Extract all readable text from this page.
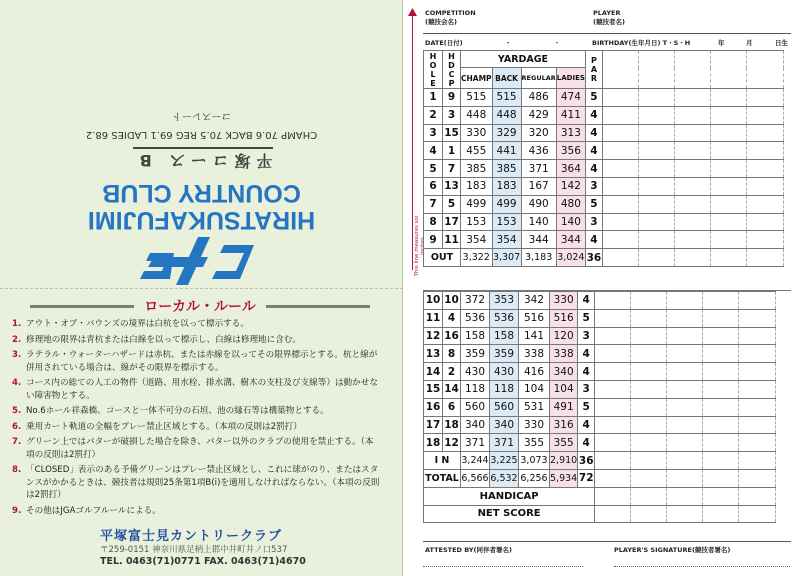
HIRATSUKAFUJIMI
COUNTRY CLUB
平塚コース B
CHAMP 70.6 BACK 70.5 REG 69.1 LADIES 68.2
コースレート
ローカル・ルール
1. アウト・オブ・バウンズの境界は白杭を以って標示する。
2. 修理地の限界は青杭または白線を以って標示し、白線は修理地に含む。
3. ラテラル・ウォーターハザードは赤杭、または赤線を以ってその限界標示とする。杭と線が併用されている場合は、線がその限界を標示する。
4. コース内の総ての人工の物件（道路、用水栓、排水溝、樹木の支柱及び支線等）は動かせない障害物とする。
5. No.6ホール祥森橋、コースと一体不可分の石垣、池の縁石等は構築物とする。
6. 乗用カート軌道の全幅をプレー禁止区域とする。（本項の反則は2罰打）
7. グリーン上ではパターが破損した場合を除き、パター以外のクラブの使用を禁止する。（本項の反則は2罰打）
8. 「CLOSED」表示のある予備グリーンはプレー禁止区域とし、これに球がのり、またはスタンスがかかるときは、競技者は規則25条第1項B(i)を適用しなければならない。（本項の反則は2罰打）
9. その他はJGAゴルフルールによる。
平塚富士見カントリークラブ
〒259-0151 神奈川県足柄上郡中井町井ノ口537
TEL. 0463(71)0771 FAX. 0463(71)4670
COMPETITION
(競技会名)
PLAYER
(競技者名)
DATE(日付)	・ ・ BIRTHDAY(生年月日) T・S・H	年	月	日生
This line measures six inches
HOLE	HDCP	YARDAGE				PAR					
		CHAMP	BACK	REGULAR	LADIES						
1	9	515	515	486	474	5					
2	3	448	448	429	411	4					
3	15	330	329	320	313	4					
4	1	455	441	436	356	4					
5	7	385	385	371	364	4					
6	13	183	183	167	142	3					
7	5	499	499	490	480	5					
8	17	153	153	140	140	3					
9	11	354	354	344	344	4					
OUT		3,322	3,307	3,183	3,024	36					
10	10	372	353	342	330	4					
11	4	536	536	516	516	5					
12	16	158	158	141	120	3					
13	8	359	359	338	338	4					
14	2	430	430	416	340	4					
15	14	118	118	104	104	3					
16	6	560	560	531	491	5					
17	18	340	340	330	316	4					
18	12	371	371	355	355	4					
I N		3,244	3,225	3,073	2,910	36					
TOTAL		6,566	6,532	6,256	5,934	72					
HANDICAP											
NET SCORE											
ATTESTED BY(同伴者署名)	PLAYER'S SIGNATURE(競技者署名)
